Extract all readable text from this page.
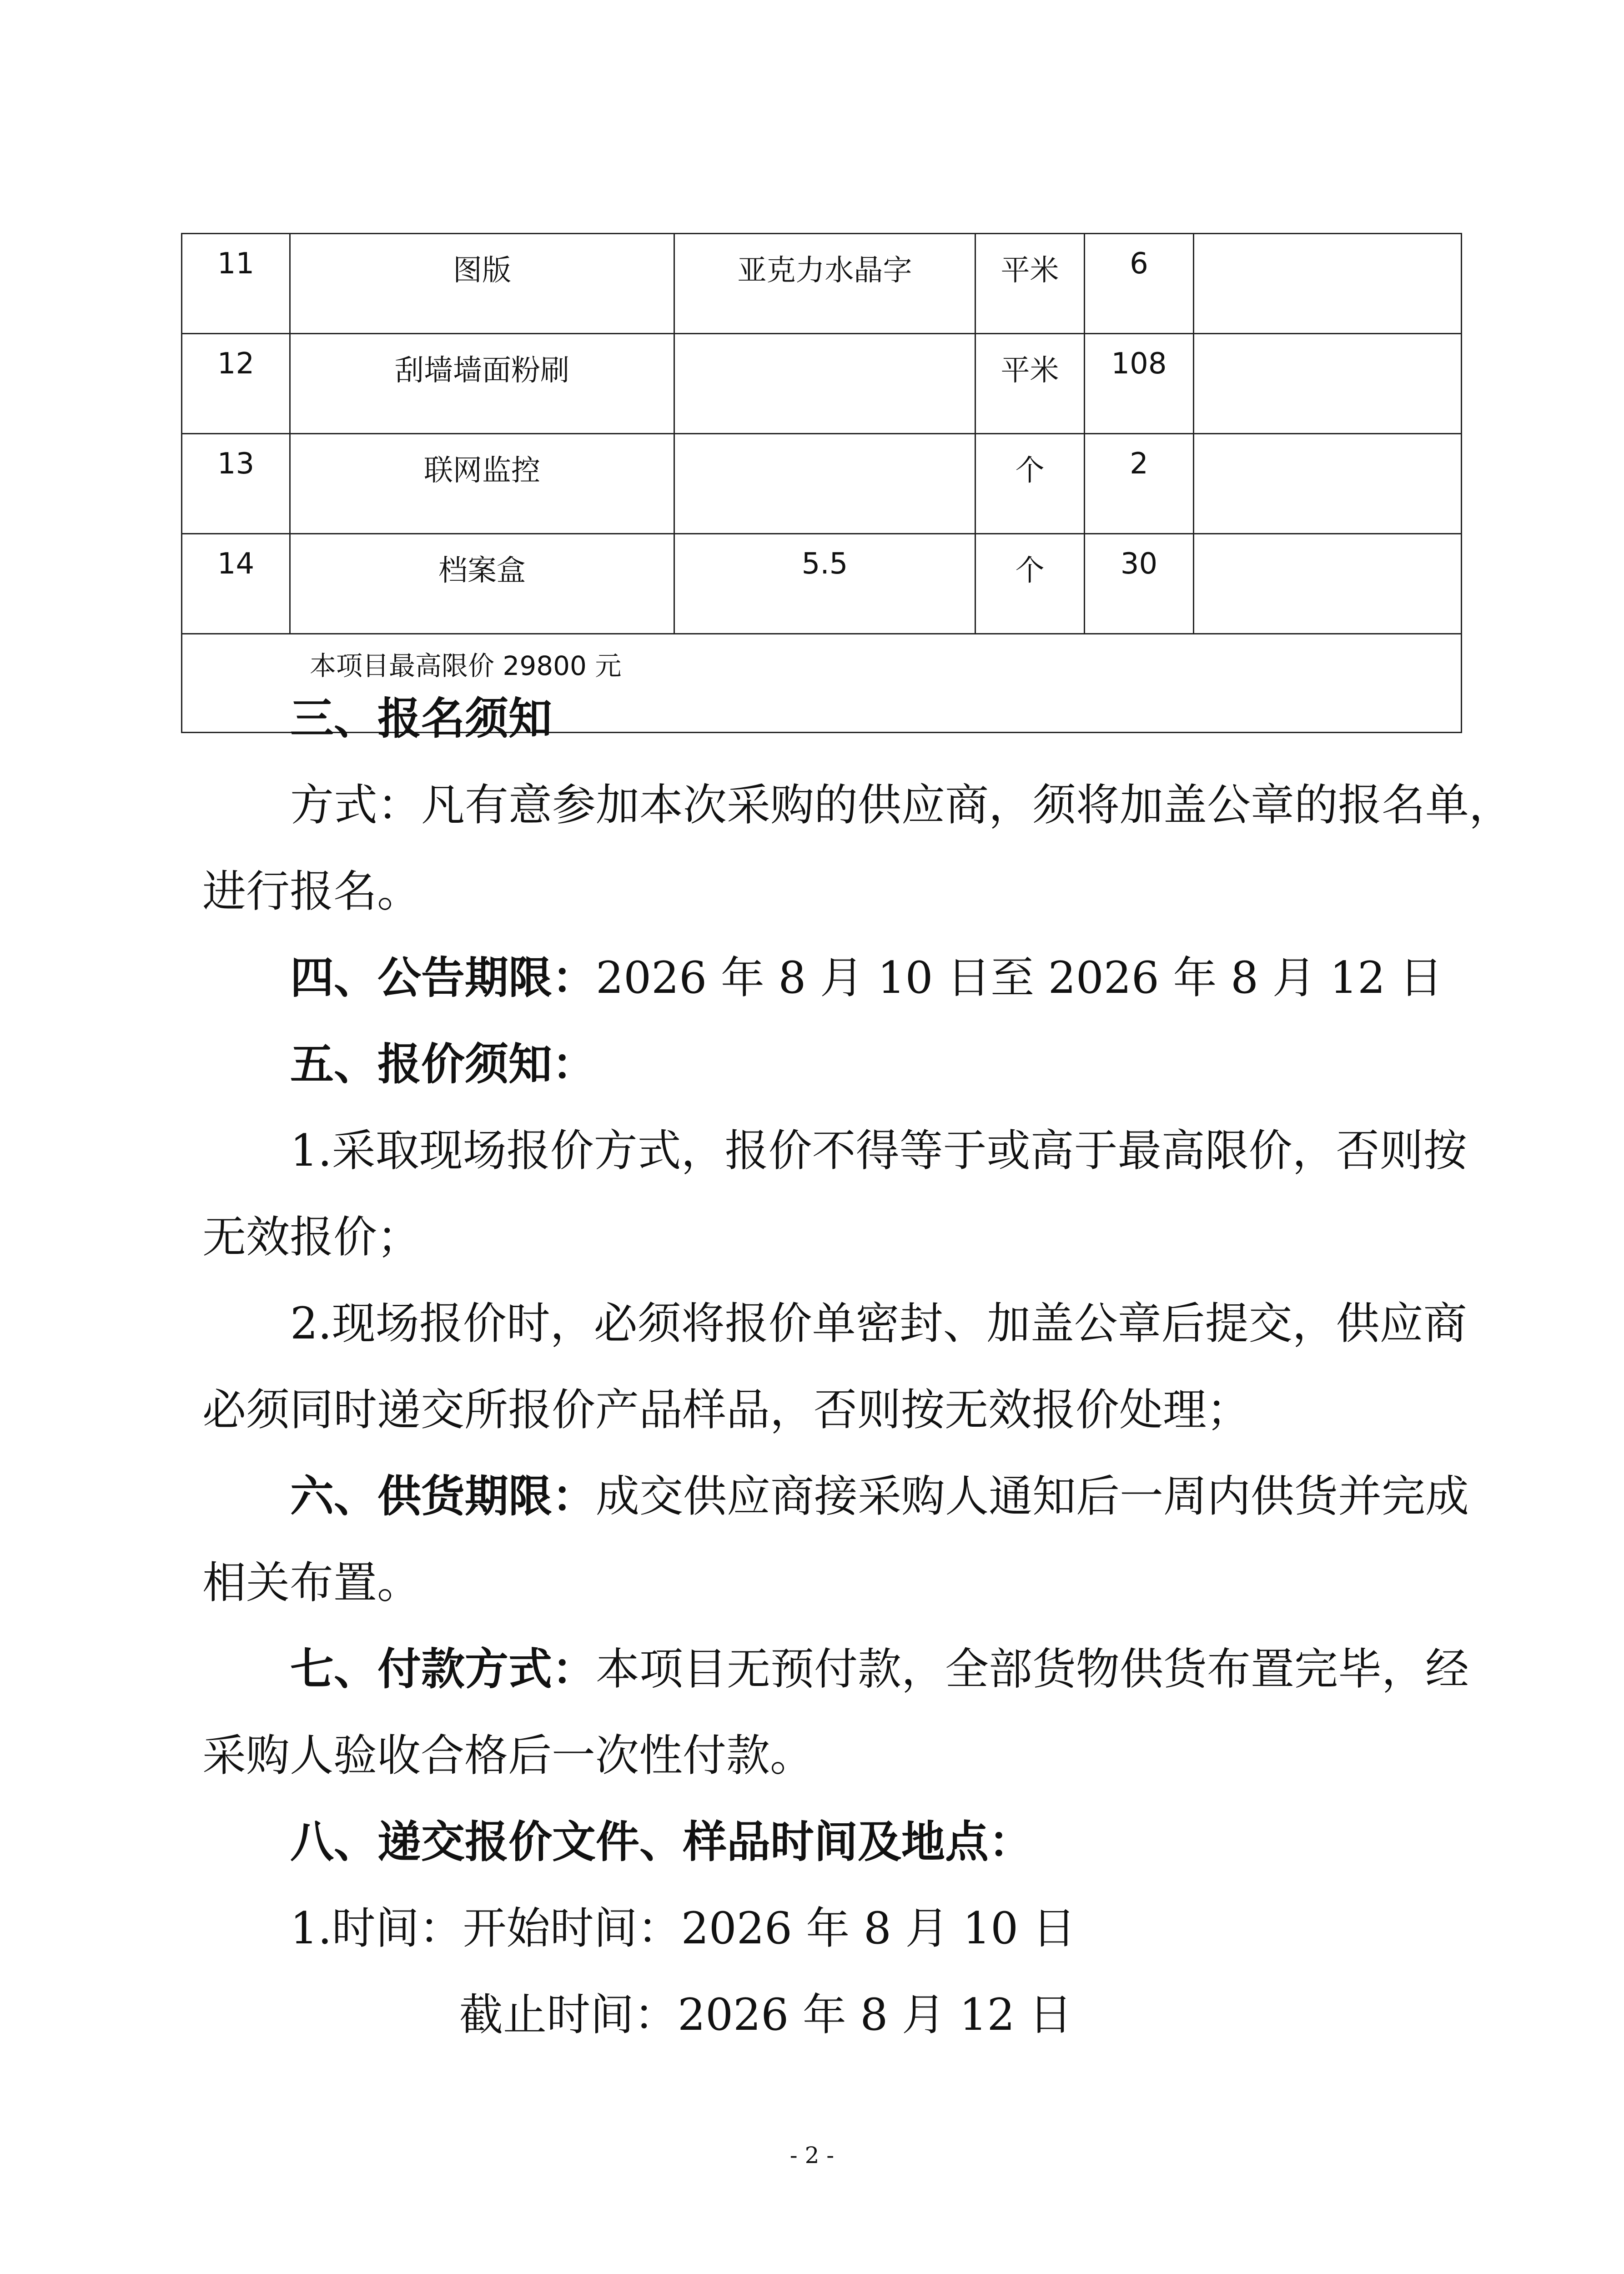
11	图版	亚克力水晶字	平米	6	
12	刮墙墙面粉刷		平米	108	
13	联网监控		个	2	
14	档案盒	5.5	个	30	
本项目最高限价 29800 元					

三、报名须知

方式：凡有意参加本次采购的供应商，须将加盖公章的报名单，

进行报名。

四、公告期限：2026 年 8 月 10 日至 2026 年 8 月 12 日

五、报价须知：

1.采取现场报价方式，报价不得等于或高于最高限价，否则按

无效报价；

2.现场报价时，必须将报价单密封、加盖公章后提交，供应商

必须同时递交所报价产品样品，否则按无效报价处理；

六、供货期限：成交供应商接采购人通知后一周内供货并完成

相关布置。

七、付款方式：本项目无预付款，全部货物供货布置完毕，经

采购人验收合格后一次性付款。

八、递交报价文件、样品时间及地点：

1.时间：开始时间：2026 年 8 月 10 日

截止时间：2026 年 8 月 12 日

- 2 -
